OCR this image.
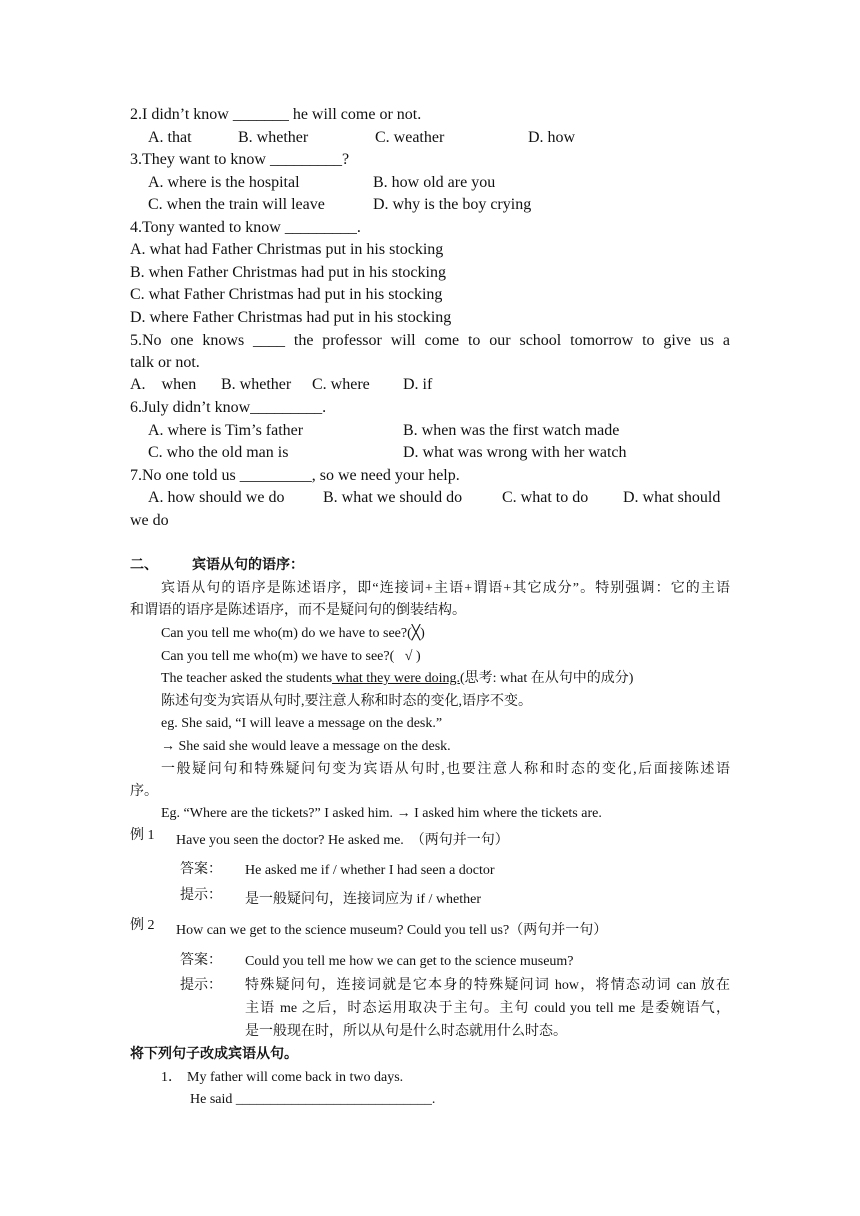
2.I didn’t know _______ he will come or not.
A. that	B. whether	C. weather	D. how
3.They want to know _________?
A. where is the hospital	B. how old are you
C. when the train will leave	D. why is the boy crying
4.Tony wanted to know _________.
A. what had Father Christmas put in his stocking
B. when Father Christmas had put in his stocking
C. what Father Christmas had put in his stocking
D. where Father Christmas had put in his stocking
5.No one knows ____ the professor will come to our school tomorrow to give us a
talk or not.
A.    when B. whether C. where D. if
6.July didn’t know_________.
A. where is Tim’s father	B. when was the first watch made
C. who the old man is	D. what was wrong with her watch
7.No one told us _________, so we need your help.
A. how should we do B. what we should do C. what to do D. what should
we do
二、 宾语从句的语序：
宾语从句的语序是陈述语序，即“连接词+主语+谓语+其它成分”。特别强调：它的主语
和谓语的语序是陈述语序，而不是疑问句的倒装结构。
Can you tell me who(m) do we have to see?(╳)
Can you tell me who(m) we have to see?(   √ )
The teacher asked the students what they were doing.(思考: what 在从句中的成分)
陈述句变为宾语从句时,要注意人称和时态的变化,语序不变。
eg. She said, “I will leave a message on the desk.”
→ She said she would leave a message on the desk.
一般疑问句和特殊疑问句变为宾语从句时,也要注意人称和时态的变化,后面接陈述语
序。
Eg. “Where are the tickets?” I asked him. → I asked him where the tickets are.
例 1 Have you seen the doctor? He asked me.  （两句并一句）
答案： He asked me if / whether I had seen a doctor
提示： 是一般疑问句，连接词应为 if / whether
例 2 How can we get to the science museum? Could you tell us?（两句并一句）
答案： Could you tell me how we can get to the science museum?
提示： 特殊疑问句，连接词就是它本身的特殊疑问词 how，将情态动词 can 放在
主语 me 之后，时态运用取决于主句。主句 could you tell me 是委婉语气，
是一般现在时，所以从句是什么时态就用什么时态。
将下列句子改成宾语从句。
1． My father will come back in two days.
He said ____________________________.
